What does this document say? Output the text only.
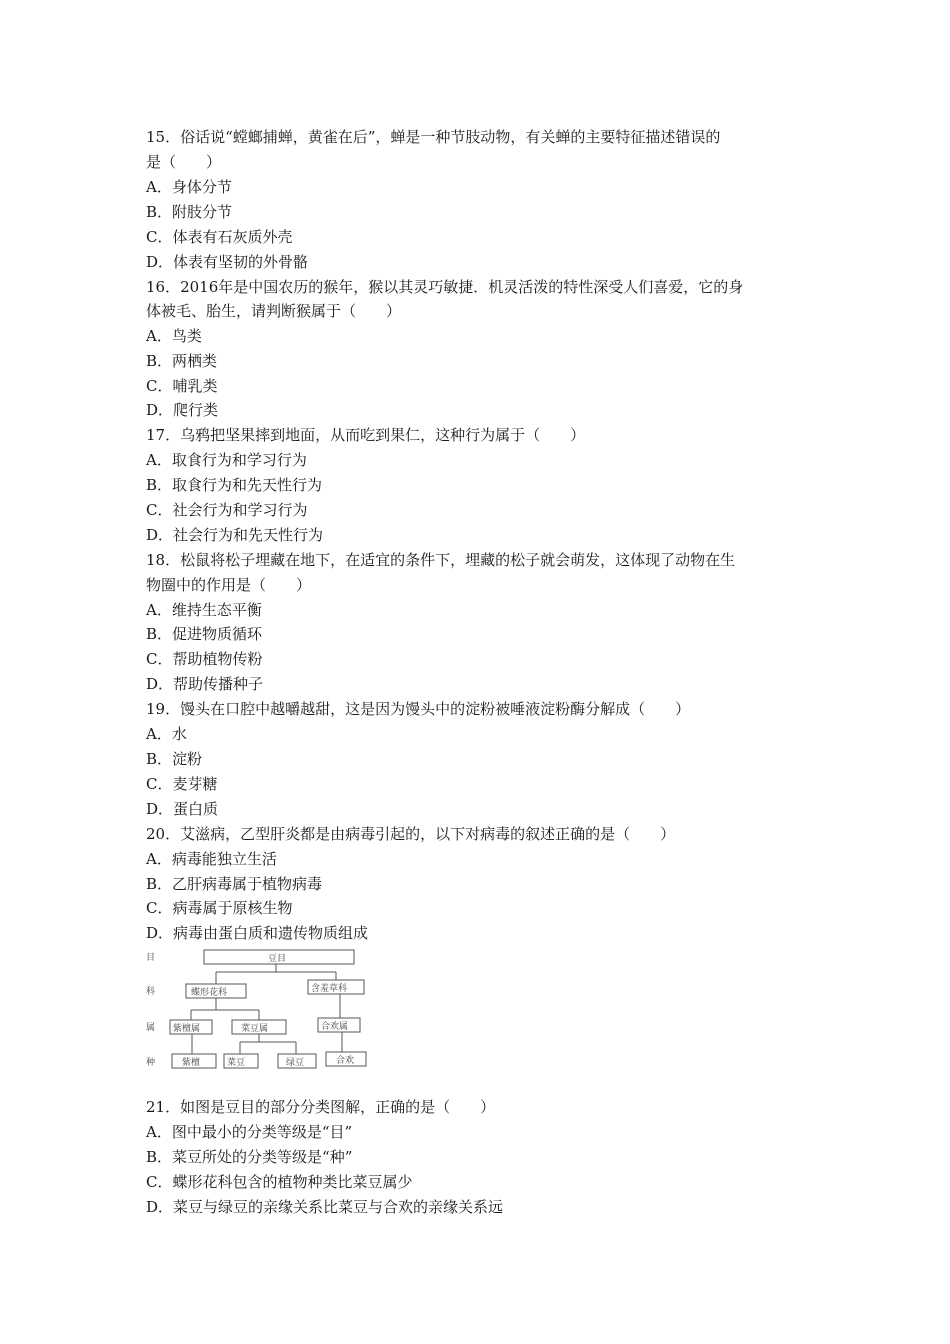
15．俗话说“螳螂捕蝉，黄雀在后”，蝉是一种节肢动物，有关蝉的主要特征描述错误的
是（　　）
A．身体分节
B．附肢分节
C．体表有石灰质外壳
D．体表有坚韧的外骨骼
16．2016年是中国农历的猴年，猴以其灵巧敏捷．机灵活泼的特性深受人们喜爱，它的身
体被毛、胎生，请判断猴属于（　　）
A．鸟类
B．两栖类
C．哺乳类
D．爬行类
17．乌鸦把坚果摔到地面，从而吃到果仁，这种行为属于（　　）
A．取食行为和学习行为
B．取食行为和先天性行为
C．社会行为和学习行为
D．社会行为和先天性行为
18．松鼠将松子埋藏在地下，在适宜的条件下，埋藏的松子就会萌发，这体现了动物在生
物圈中的作用是（　　）
A．维持生态平衡
B．促进物质循环
C．帮助植物传粉
D．帮助传播种子
19．馒头在口腔中越嚼越甜，这是因为馒头中的淀粉被唾液淀粉酶分解成（　　）
A．水
B．淀粉
C．麦芽糖
D．蛋白质
20．艾滋病，乙型肝炎都是由病毒引起的，以下对病毒的叙述正确的是（　　）
A．病毒能独立生活
B．乙肝病毒属于植物病毒
C．病毒属于原核生物
D．病毒由蛋白质和遗传物质组成
目
科
属
种
豆目
蝶形花科	含羞草科
紫檀属	菜豆属	合欢属
紫檀	菜豆	绿豆	合欢
21．如图是豆目的部分分类图解，正确的是（　　）
A．图中最小的分类等级是“目”
B．菜豆所处的分类等级是“种”
C．蝶形花科包含的植物种类比菜豆属少
D．菜豆与绿豆的亲缘关系比菜豆与合欢的亲缘关系远
